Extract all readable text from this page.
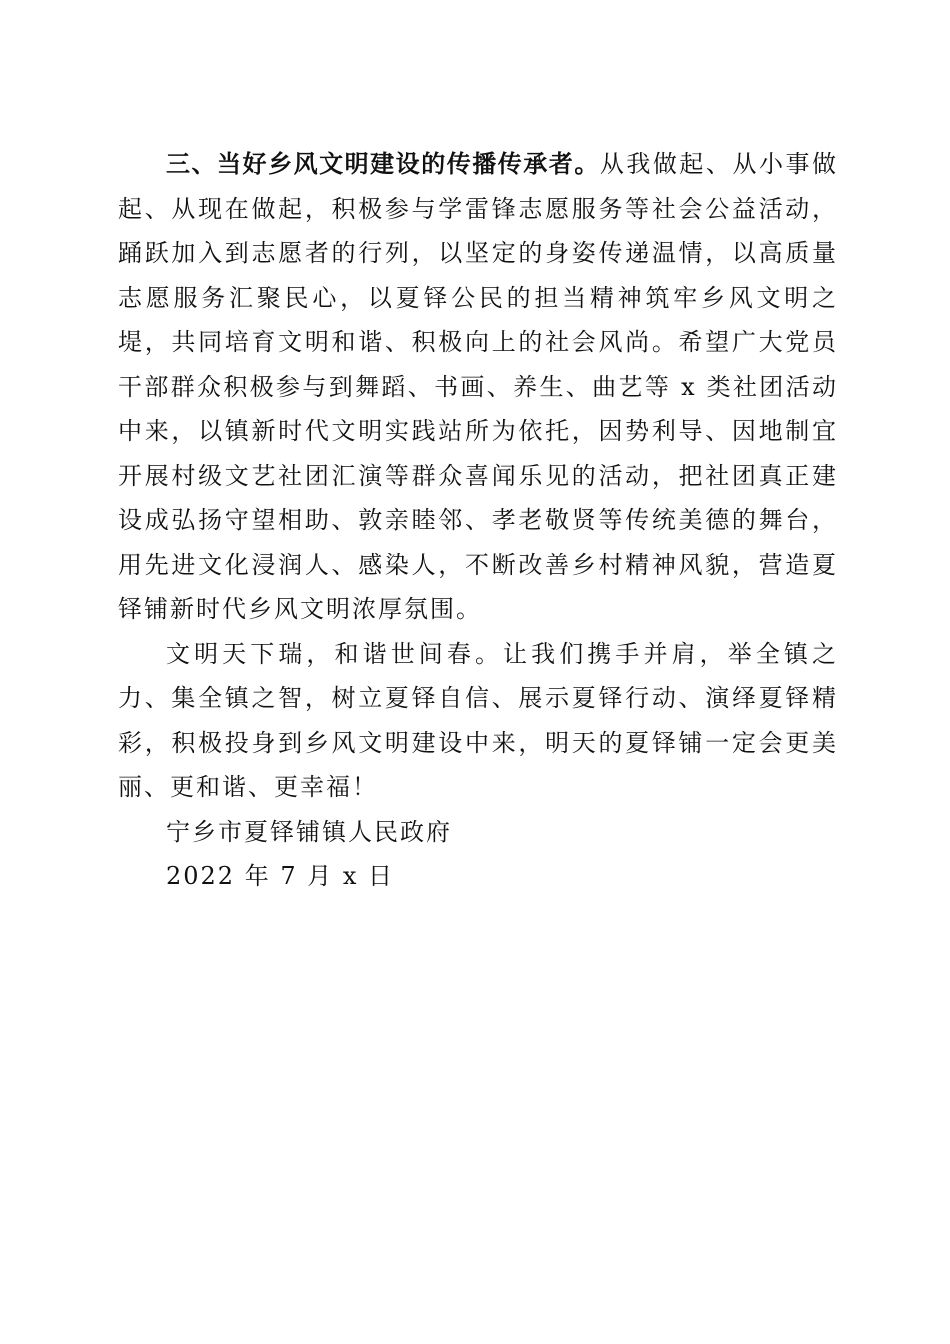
三、当好乡风文明建设的传播传承者。从我做起、从小事做起、从现在做起，积极参与学雷锋志愿服务等社会公益活动，踊跃加入到志愿者的行列，以坚定的身姿传递温情，以高质量志愿服务汇聚民心，以夏铎公民的担当精神筑牢乡风文明之堤，共同培育文明和谐、积极向上的社会风尚。希望广大党员干部群众积极参与到舞蹈、书画、养生、曲艺等 x 类社团活动中来，以镇新时代文明实践站所为依托，因势利导、因地制宜开展村级文艺社团汇演等群众喜闻乐见的活动，把社团真正建设成弘扬守望相助、敦亲睦邻、孝老敬贤等传统美德的舞台，用先进文化浸润人、感染人，不断改善乡村精神风貌，营造夏铎铺新时代乡风文明浓厚氛围。

文明天下瑞，和谐世间春。让我们携手并肩，举全镇之力、集全镇之智，树立夏铎自信、展示夏铎行动、演绎夏铎精彩，积极投身到乡风文明建设中来，明天的夏铎铺一定会更美丽、更和谐、更幸福！

宁乡市夏铎铺镇人民政府

2022 年 7 月 x 日
